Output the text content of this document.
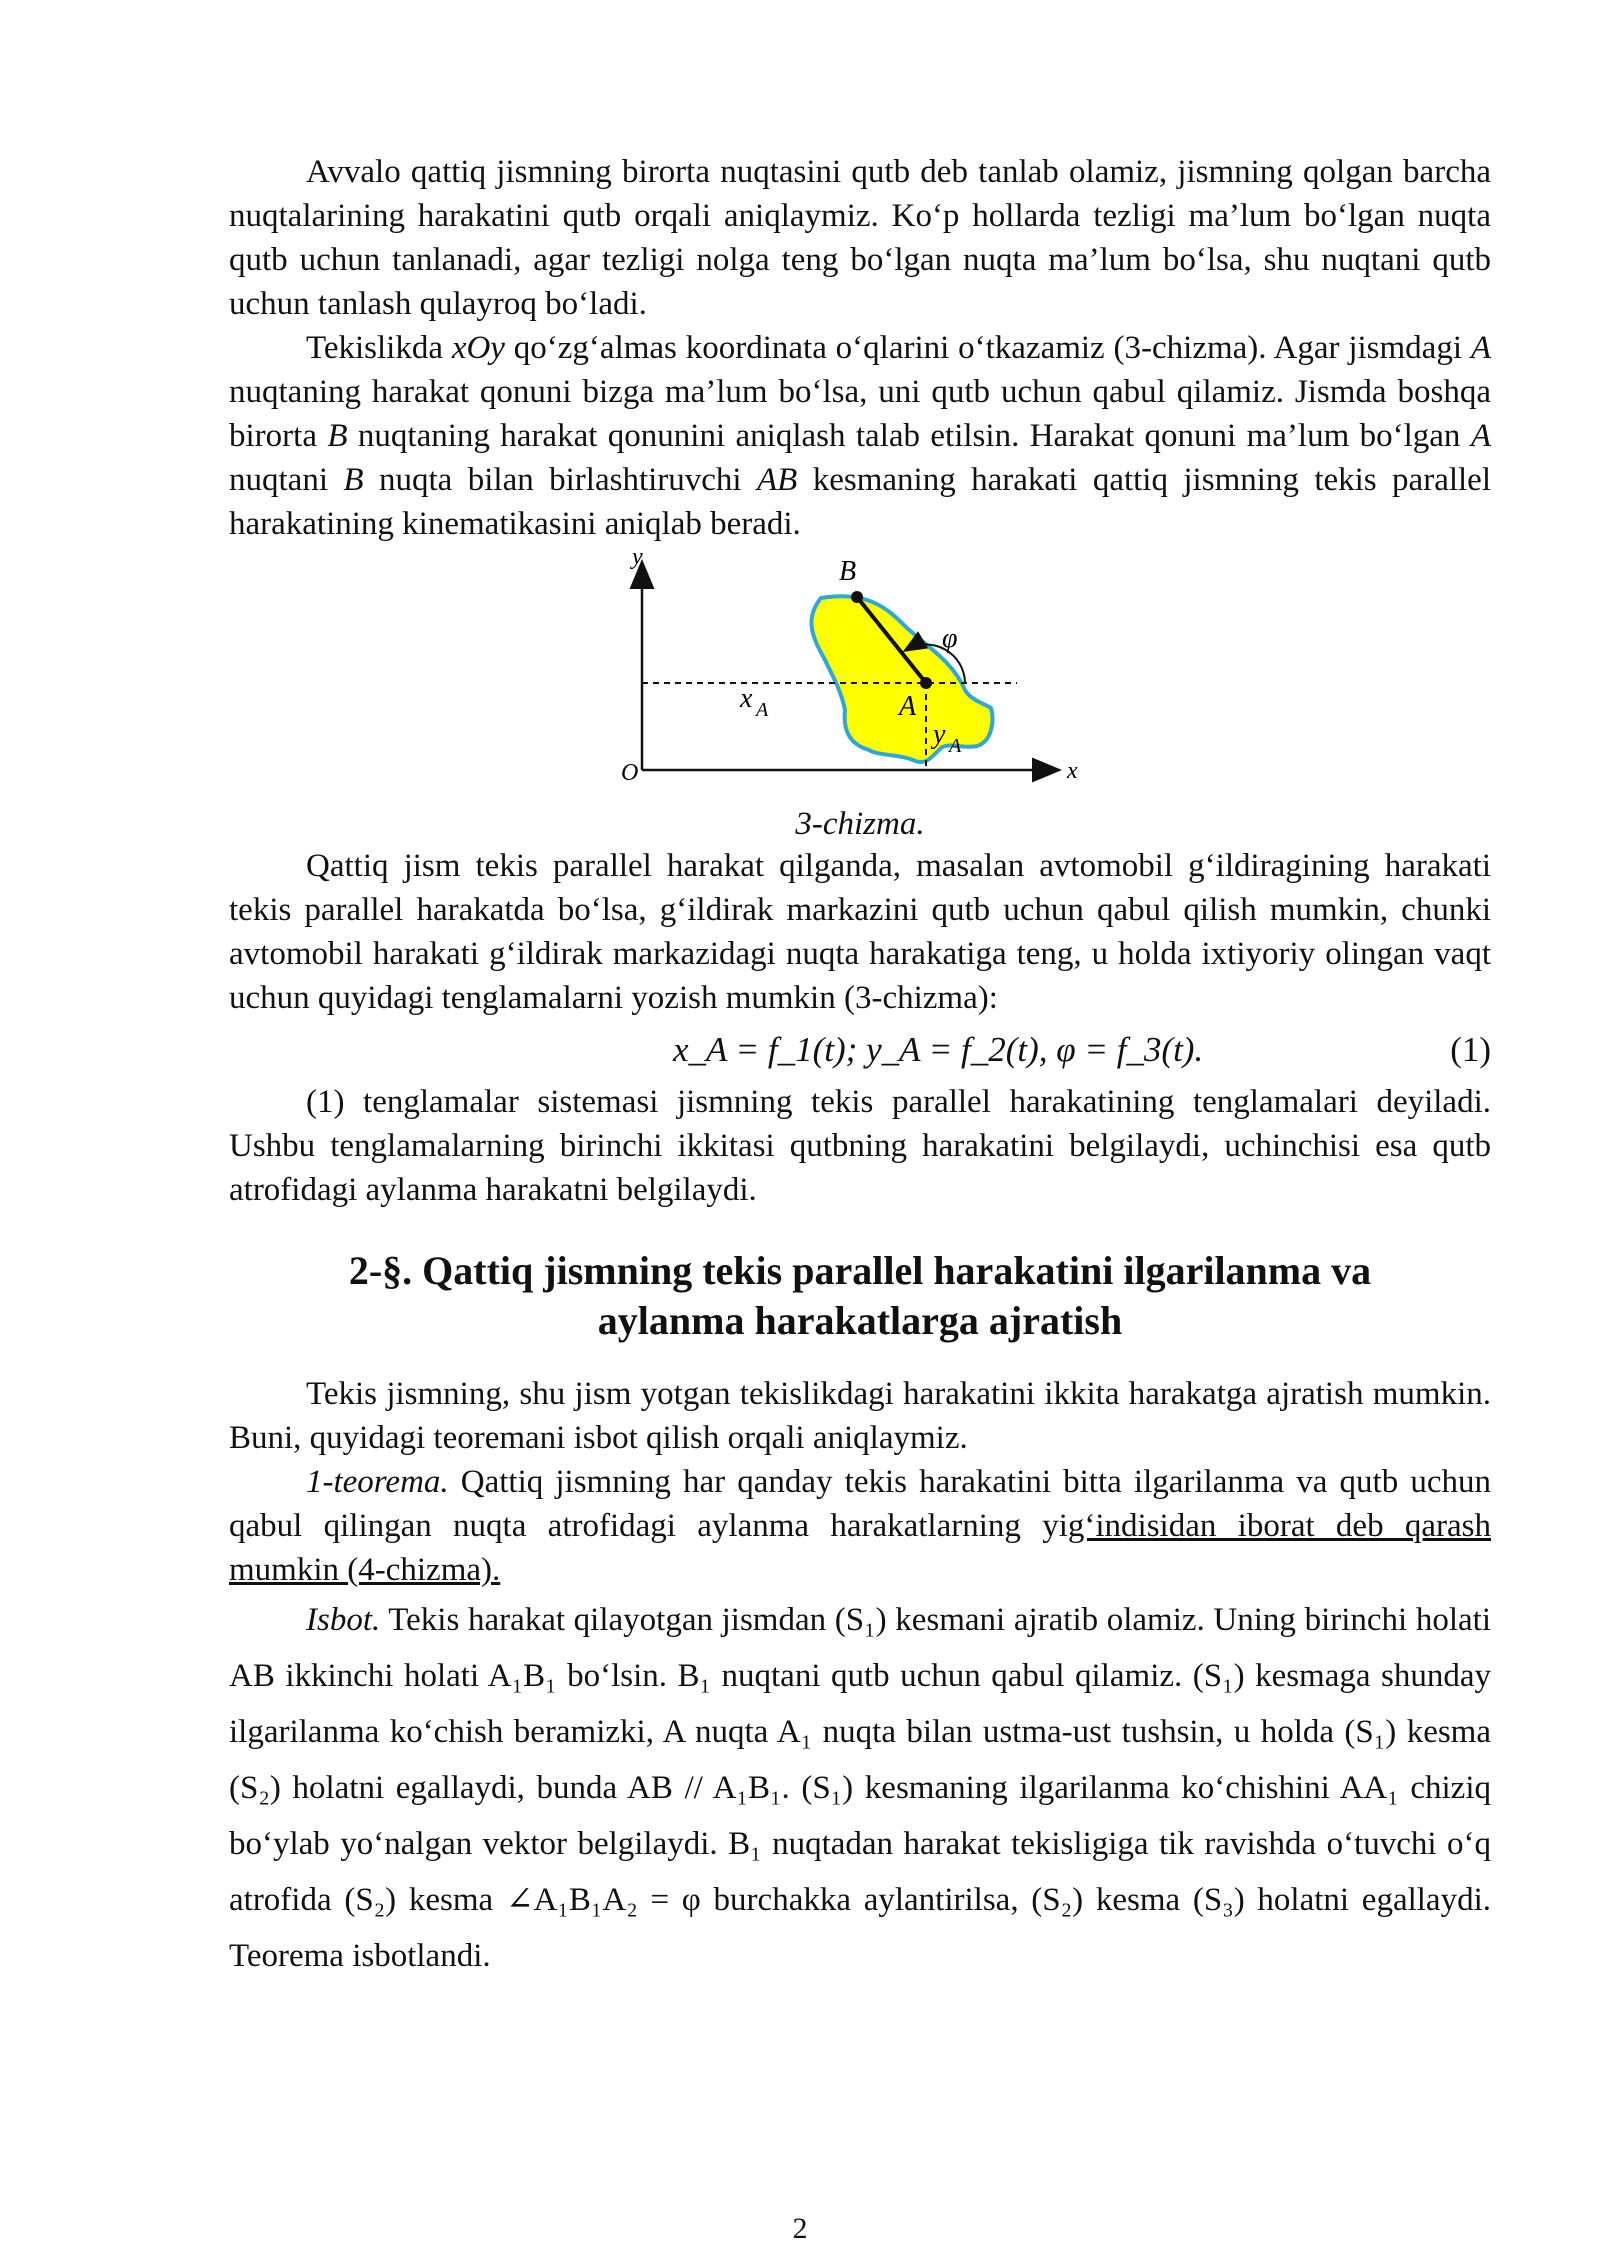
Avvalo qattiq jismning birorta nuqtasini qutb deb tanlab olamiz, jismning qolgan barcha nuqtalarining harakatini qutb orqali aniqlaymiz. Ko‘p hollarda tezligi ma’lum bo‘lgan nuqta qutb uchun tanlanadi, agar tezligi nolga teng bo‘lgan nuqta ma’lum bo‘lsa, shu nuqtani qutb uchun tanlash qulayroq bo‘ladi.

Tekislikda xOy qo‘zg‘almas koordinata o‘qlarini o‘tkazamiz (3-chizma). Agar jismdagi A nuqtaning harakat qonuni bizga ma’lum bo‘lsa, uni qutb uchun qabul qilamiz. Jismda boshqa birorta B nuqtaning harakat qonunini aniqlash talab etilsin. Harakat qonuni ma’lum bo‘lgan A nuqtani B nuqta bilan birlashtiruvchi AB kesmaning harakati qattiq jismning tekis parallel harakatining kinematikasini aniqlab beradi.

y
x
O
B
A
φ
x A
y A
3-chizma.

Qattiq jism tekis parallel harakat qilganda, masalan avtomobil g‘ildiragining harakati tekis parallel harakatda bo‘lsa, g‘ildirak markazini qutb uchun qabul qilish mumkin, chunki avtomobil harakati g‘ildirak markazidagi nuqta harakatiga teng, u holda ixtiyoriy olingan vaqt uchun quyidagi tenglamalarni yozish mumkin (3-chizma):

x_A = f_1(t); y_A = f_2(t), φ = f_3(t).	(1)

(1) tenglamalar sistemasi jismning tekis parallel harakatining tenglamalari deyiladi. Ushbu tenglamalarning birinchi ikkitasi qutbning harakatini belgilaydi, uchinchisi esa qutb atrofidagi aylanma harakatni belgilaydi.

2-§. Qattiq jismning tekis parallel harakatini ilgarilanma va
aylanma harakatlarga ajratish

Tekis jismning, shu jism yotgan tekislikdagi harakatini ikkita harakatga ajratish mumkin. Buni, quyidagi teoremani isbot qilish orqali aniqlaymiz.

1-teorema. Qattiq jismning har qanday tekis harakatini bitta ilgarilanma va qutb uchun qabul qilingan nuqta atrofidagi aylanma harakatlarning yig‘indisidan iborat deb qarash mumkin (4-chizma).

Isbot. Tekis harakat qilayotgan jismdan (S₁) kesmani ajratib olamiz. Uning birinchi holati AB ikkinchi holati A₁B₁ bo‘lsin. B₁ nuqtani qutb uchun qabul qilamiz. (S₁) kesmaga shunday ilgarilanma ko‘chish beramizki, A nuqta A₁ nuqta bilan ustma-ust tushsin, u holda (S₁) kesma (S₂) holatni egallaydi, bunda AB // A₁B₁. (S₁) kesmaning ilgarilanma ko‘chishini AA₁ chiziq bo‘ylab yo‘nalgan vektor belgilaydi. B₁ nuqtadan harakat tekisligiga tik ravishda o‘tuvchi o‘q atrofida (S₂) kesma ∠A₁B₁A₂ = φ burchakka aylantirilsa, (S₂) kesma (S₃) holatni egallaydi. Teorema isbotlandi.

2
